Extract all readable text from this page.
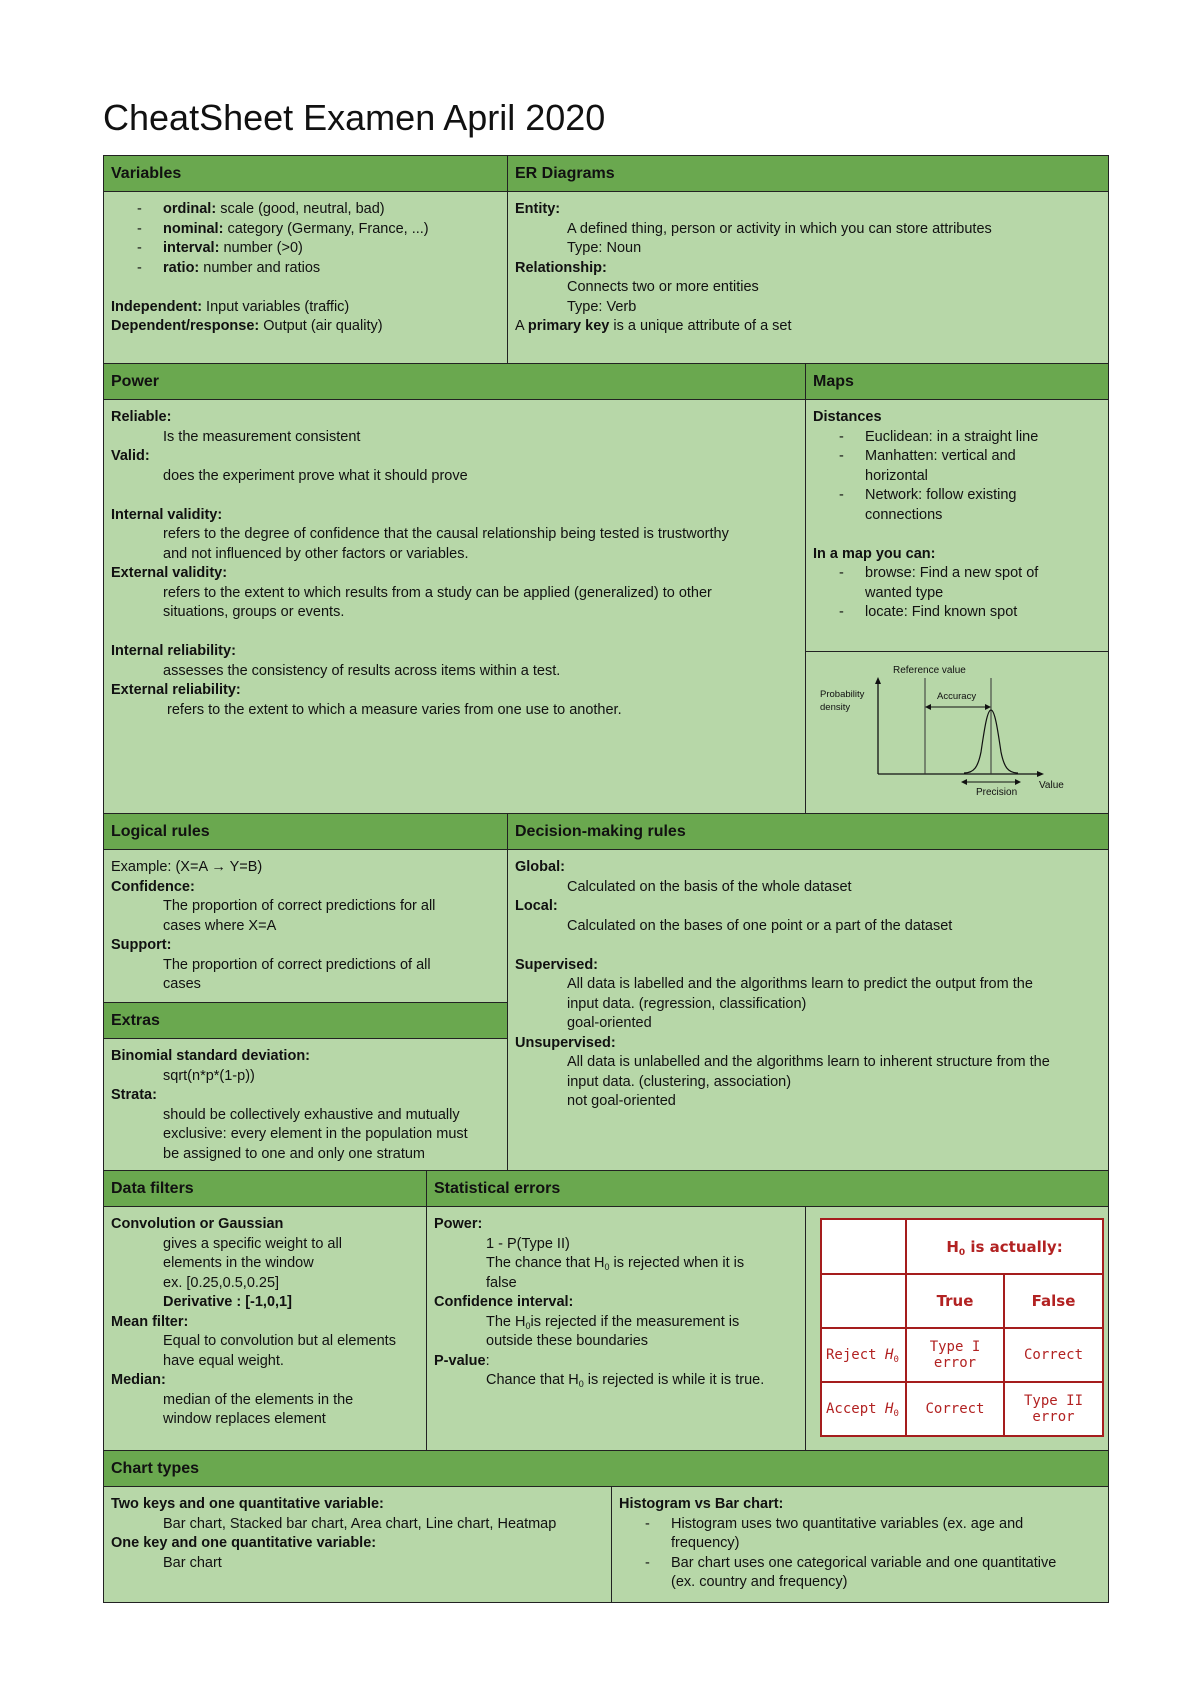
CheatSheet Examen April 2020
Variables

- ordinal: scale (good, neutral, bad)

- nominal: category (Germany, France, ...)

- interval: number (>0)

- ratio: number and ratios

Independent: Input variables (traffic)

Dependent/response: Output (air quality)

ER Diagrams

Entity:

A defined thing, person or activity in which you can store attributes

Type: Noun

Relationship:

Connects two or more entities

Type: Verb

A primary key is a unique attribute of a set

Power

Reliable:

Is the measurement consistent

Valid:

does the experiment prove what it should prove

Internal validity:

refers to the degree of confidence that the causal relationship being tested is trustworthy

and not influenced by other factors or variables.

External validity:

refers to the extent to which results from a study can be applied (generalized) to other

situations, groups or events.

Internal reliability:

assesses the consistency of results across items within a test.

External reliability:

refers to the extent to which a measure varies from one use to another.

Maps

Distances

- Euclidean: in a straight line
- Manhatten: vertical and
horizontal
- Network: follow existing
connections

In a map you can:

- browse: Find a new spot of
wanted type
- locate: Find known spot
Reference value
Probability
density
Value
Accuracy
Precision
Logical rules

Example: (X=A → Y=B)

Confidence:

The proportion of correct predictions for all

cases where X=A

Support:

The proportion of correct predictions of all

cases

Extras

Binomial standard deviation:

sqrt(n*p*(1-p))

Strata:

should be collectively exhaustive and mutually

exclusive: every element in the population must

be assigned to one and only one stratum

Decision-making rules

Global:

Calculated on the basis of the whole dataset

Local:

Calculated on the bases of one point or a part of the dataset

Supervised:

All data is labelled and the algorithms learn to predict the output from the

input data. (regression, classification)

goal-oriented

Unsupervised:

All data is unlabelled and the algorithms learn to inherent structure from the

input data. (clustering, association)

not goal-oriented

Data filters

Convolution or Gaussian

gives a specific weight to all

elements in the window

ex. [0.25,0.5,0.25]

Derivative : [-1,0,1]

Mean filter:

Equal to convolution but al elements

have equal weight.

Median:

median of the elements in the

window replaces element

Statistical errors

Power:

1 - P(Type II)

The chance that $H_0$ is rejected when it is

false

Confidence interval:

The $H_0is$ rejected if the measurement is

outside these boundaries

P-value:

Chance that $H_0$ is rejected is while it is true.

	$H_0$ is actually:	
	True	False
Reject $H_0$	Type I error	Correct
Accept $H_0$	Correct	Type II error
Chart types

Two keys and one quantitative variable:

Bar chart, Stacked bar chart, Area chart, Line chart, Heatmap

One key and one quantitative variable:

Bar chart

Histogram vs Bar chart:

- Histogram uses two quantitative variables (ex. age and
frequency)
- Bar chart uses one categorical variable and one quantitative
(ex. country and frequency)
